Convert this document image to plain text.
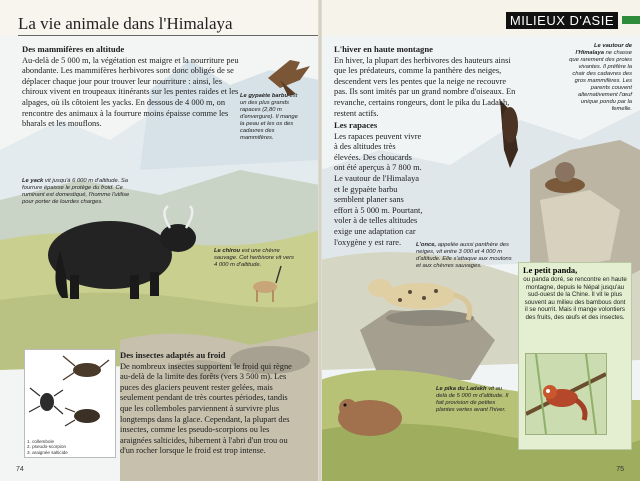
La vie animale dans l'Himalaya
Des mammifères en altitude

Au-delà de 5 000 m, la végétation est maigre et la nourriture peu abondante. Les mammifères herbivores sont donc obligés de se déplacer chaque jour pour trouver leur nourriture : ainsi, les chiroux vivent en troupeaux itinérants sur les pentes raides et les alpages, où ils côtoient les yacks. En dessous de 4 000 m, on rencontre des animaux à la fourrure moins épaisse comme les bharals et les mouflons.

Le gypaète barbu est un des plus grands rapaces (2,80 m d'envergure). Il mange la peau et les os des cadavres des mammifères.
Le yack vit jusqu'à 6 000 m d'altitude. Sa fourrure épaisse le protège du froid. Ce ruminant est domestiqué, l'homme l'utilise pour porter de lourdes charges.
Le chirou est une chèvre sauvage. Cet herbivore vit vers 4 000 m d'altitude.
1. collembole
2. pseudo-scorpion
3. araignée salticide
Des insectes adaptés au froid

De nombreux insectes supportent le froid qui règne au-delà de la limite des forêts (vers 3 500 m). Les puces des glaciers peuvent rester gelées, mais seulement pendant de très courtes périodes, tandis que les collemboles parviennent à survivre plus longtemps dans la glace. Cependant, la plupart des insectes, comme les pseudo-scorpions ou les araignées salticides, hibernent à l'abri d'un trou ou d'un rocher lorsque le froid est trop intense.

74
MILIEUX D'ASIE
L'hiver en haute montagne

En hiver, la plupart des herbivores des hauteurs ainsi que les prédateurs, comme la panthère des neiges, descendent vers les pentes que la neige ne recouvre pas. Ils sont imités par un grand nombre d'oiseaux. En revanche, certains rongeurs, dont le pika du Ladakh, restent actifs.

Les rapaces

Les rapaces peuvent vivre à des altitudes très élevées. Des choucards ont été aperçus à 7 800 m. Le vautour de l'Himalaya et le gypaète barbu semblent planer sans effort à 5 000 m. Pourtant, voler à de telles altitudes exige une adaptation car l'oxygène y est rare.

Le vautour de l'Himalaya ne chasse que rarement des proies vivantes. Il préfère la chair des cadavres des gros mammifères. Les parents couvent alternativement l'œuf unique pondu par la femelle.
L'once, appelée aussi panthère des neiges, vit entre 3 000 et 4 000 m d'altitude. Elle s'attaque aux moutons et aux chèvres sauvages.
Le pika du Ladakh vit au delà de 5 000 m d'altitude. Il fait provision de petites plantes vertes avant l'hiver.
Le petit panda,
ou panda doré, se rencontre en haute montagne, depuis le Népal jusqu'au sud-ouest de la Chine. Il vit le plus souvent au milieu des bambous dont il se nourrit. Mais il mange volontiers des fruits, des œufs et des insectes.
75
